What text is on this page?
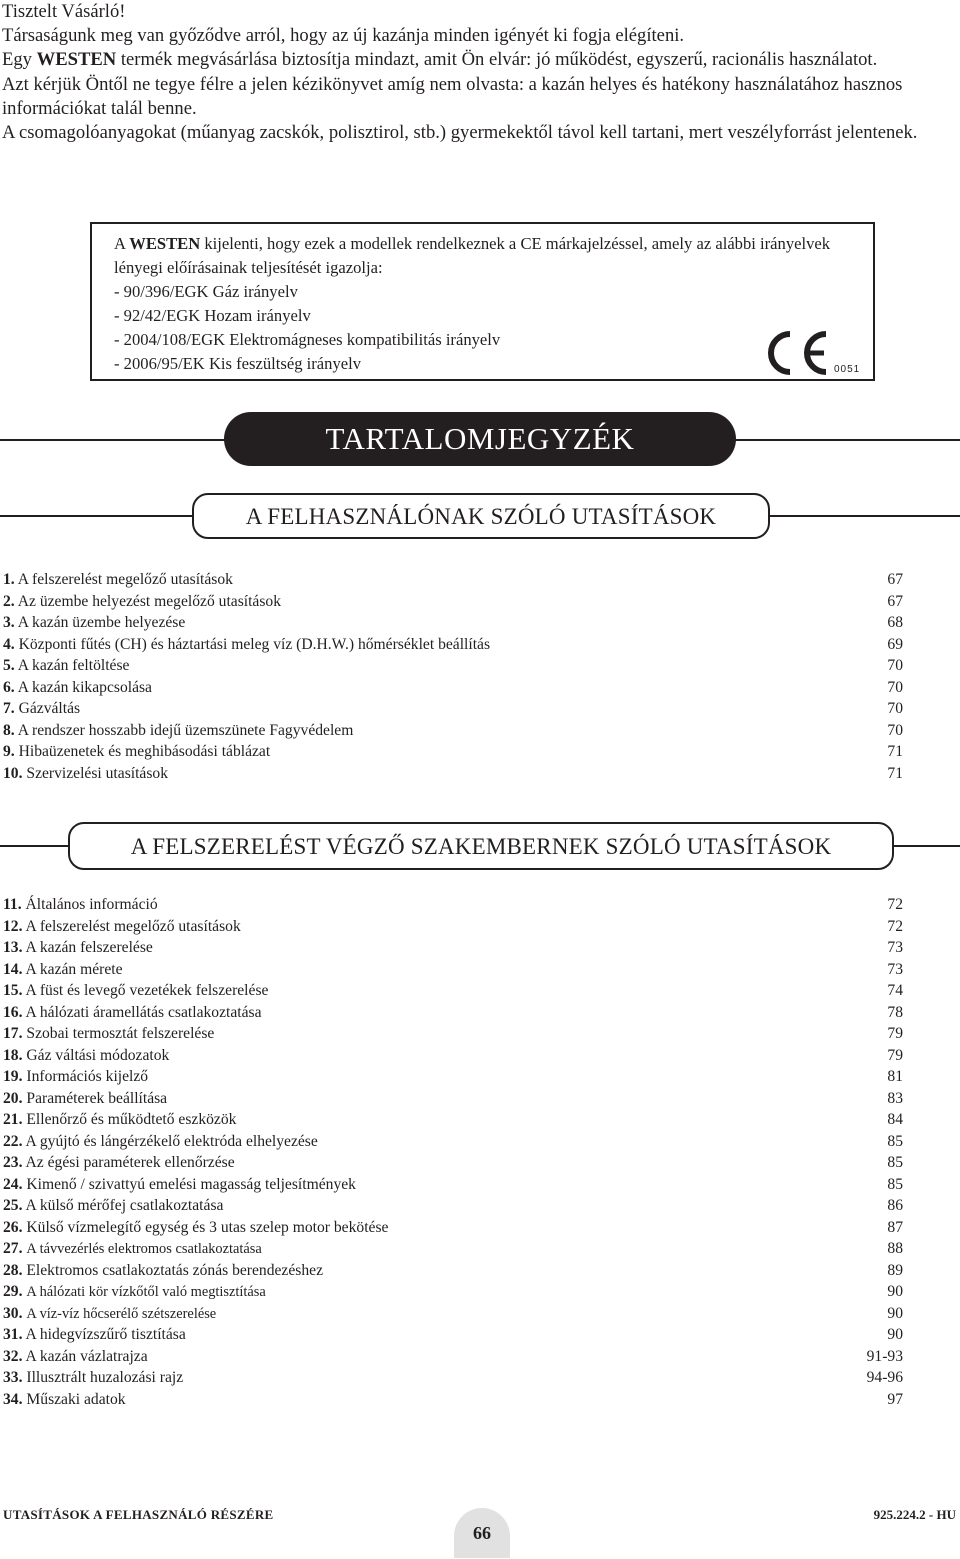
Tisztelt Vásárló!

Társaságunk meg van győződve arról, hogy az új kazánja minden igényét ki fogja elégíteni.

Egy WESTEN termék megvásárlása biztosítja mindazt, amit Ön elvár: jó működést, egyszerű, racionális használatot.

Azt kérjük Öntől ne tegye félre a jelen kézikönyvet amíg nem olvasta: a kazán helyes és hatékony használatához hasznos információkat talál benne.

A csomagolóanyagokat (műanyag zacskók, polisztirol, stb.) gyermekektől távol kell tartani, mert veszélyforrást jelentenek.

A WESTEN kijelenti, hogy ezek a modellek rendelkeznek a CE márkajelzéssel, amely az alábbi irányelvek lényegi előírásainak teljesítését igazolja:

- 90/396/EGK Gáz irányelv

- 92/42/EGK Hozam irányelv

- 2004/108/EGK Elektromágneses kompatibilitás irányelv

- 2006/95/EK Kis feszültség irányelv	0051
TARTALOMJEGYZÉK
A FELHASZNÁLÓNAK SZÓLÓ UTASÍTÁSOK
1. A felszerelést megelőző utasítások	67
2. Az üzembe helyezést megelőző utasítások	67
3. A kazán üzembe helyezése	68
4. Központi fűtés (CH) és háztartási meleg víz (D.H.W.) hőmérséklet beállítás	69
5. A kazán feltöltése	70
6. A kazán kikapcsolása	70
7. Gázváltás	70
8. A rendszer hosszabb idejű üzemszünete Fagyvédelem	70
9. Hibaüzenetek és meghibásodási táblázat	71
10. Szervizelési utasítások	71
A FELSZERELÉST VÉGZŐ SZAKEMBERNEK SZÓLÓ UTASÍTÁSOK
11. Általános információ	72
12. A felszerelést megelőző utasítások	72
13. A kazán felszerelése	73
14. A kazán mérete	73
15. A füst és levegő vezetékek felszerelése	74
16. A hálózati áramellátás csatlakoztatása	78
17. Szobai termosztát felszerelése	79
18. Gáz váltási módozatok	79
19. Információs kijelző	81
20. Paraméterek beállítása	83
21. Ellenőrző és működtető eszközök	84
22. A gyújtó és lángérzékelő elektróda elhelyezése	85
23. Az égési paraméterek ellenőrzése	85
24. Kimenő / szivattyú emelési magasság teljesítmények	85
25. A külső mérőfej csatlakoztatása	86
26. Külső vízmelegítő egység és 3 utas szelep motor bekötése	87
27. A távvezérlés elektromos csatlakoztatása	88
28. Elektromos csatlakoztatás zónás berendezéshez	89
29. A hálózati kör vízkőtől való megtisztítása	90
30. A víz-víz hőcserélő szétszerelése	90
31. A hidegvízszűrő tisztítása	90
32. A kazán vázlatrajza	91-93
33. Illusztrált huzalozási rajz	94-96
34. Műszaki adatok	97
UTASÍTÁSOK A FELHASZNÁLÓ RÉSZÉRE
66
925.224.2 - HU
